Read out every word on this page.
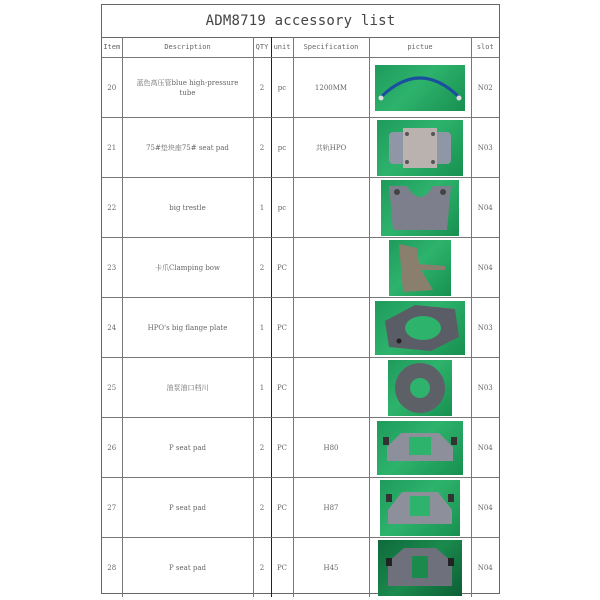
ADM8719 accessory list
Item	Description	QTY	unit	Specification	pictue	slot
20	蓝色高压管blue high-pressure tube	2	pc	1200MM		N02
21	75#垫块座75# seat pad	2	pc	共轨HPO		N03
22	big trestle	1	pc			N04
23	卡爪Clamping bow	2	PC			N04
24	HPO's big flange plate	1	PC			N03
25	油泵油口档川	1	PC			N03
26	P seat pad	2	PC	H80		N04
27	P seat pad	2	PC	H87		N04
28	P seat pad	2	PC	H45		N04
